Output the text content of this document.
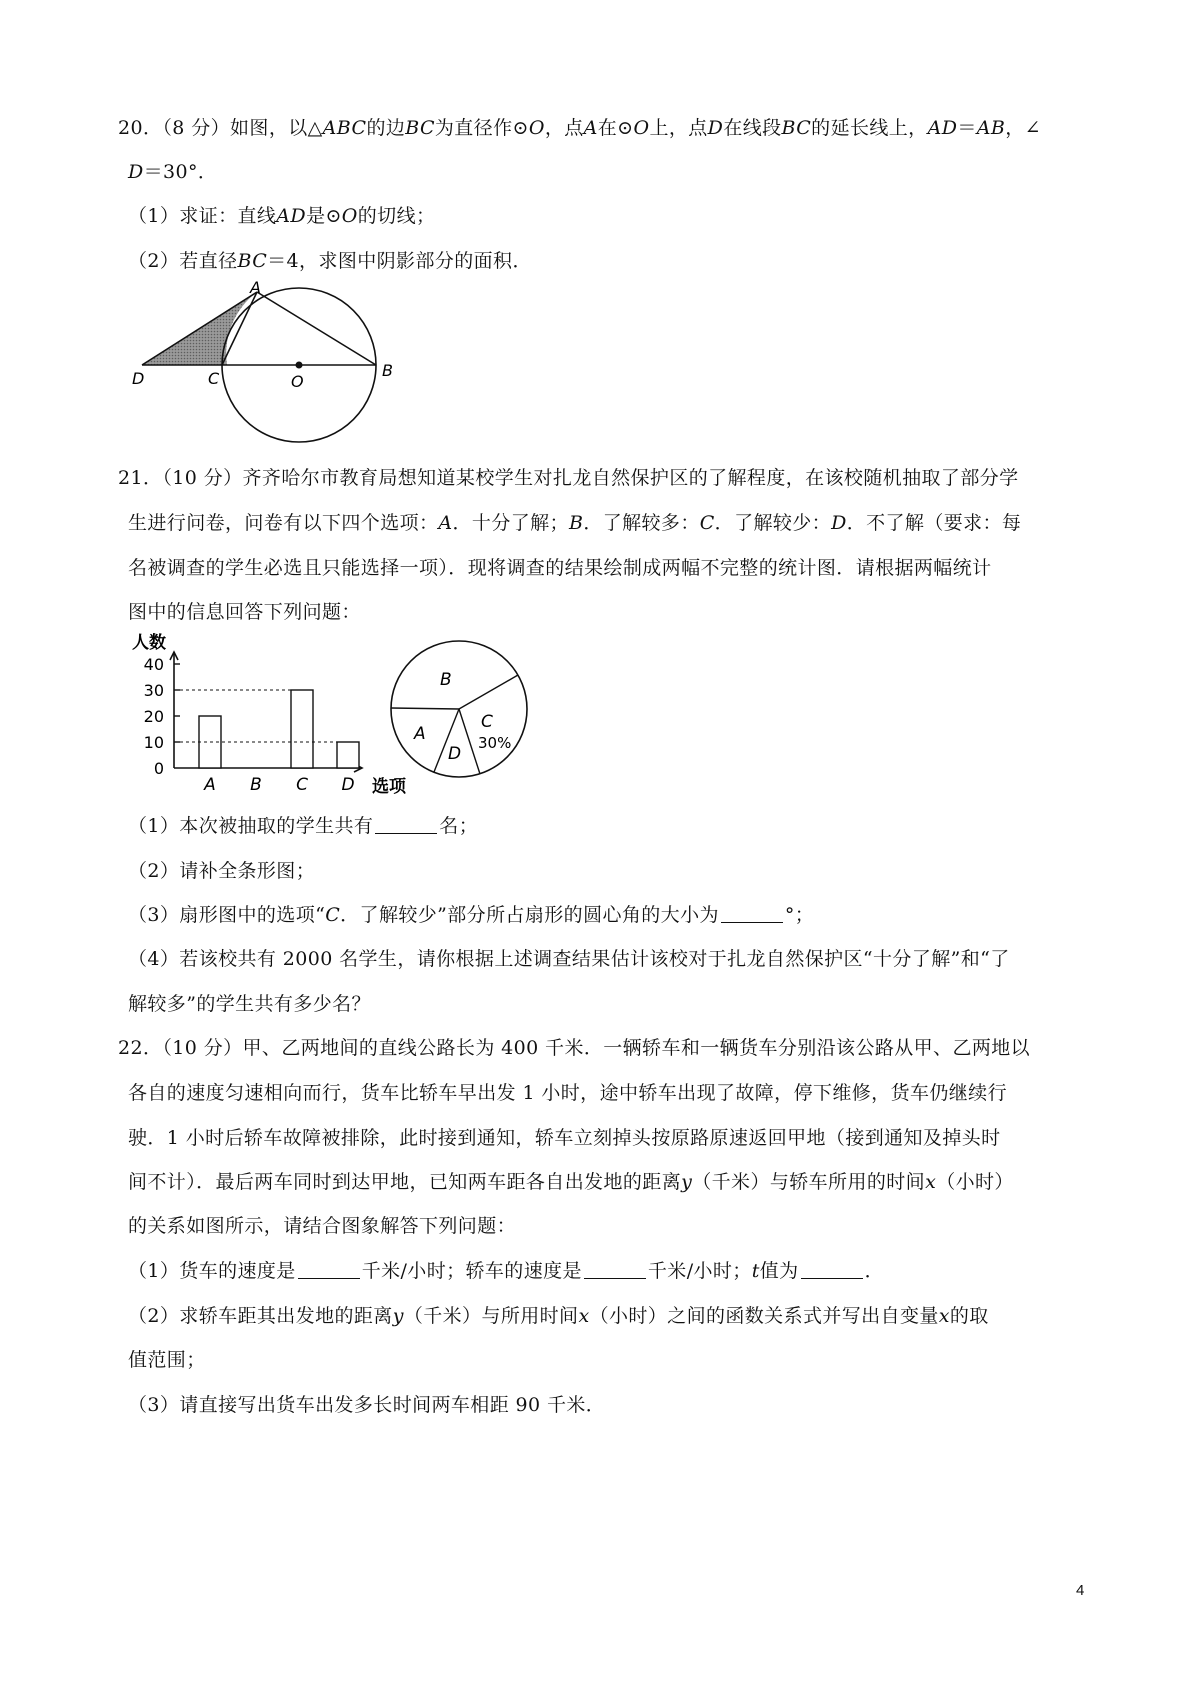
20．（8 分）如图，以△ABC的边BC为直径作⊙O，点A在⊙O上，点D在线段BC的延长线上，AD＝AB，∠
D＝30°．
（1）求证：直线AD是⊙O的切线；
（2）若直径BC＝4，求图中阴影部分的面积．
A
B
C
D	O
21．（10 分）齐齐哈尔市教育局想知道某校学生对扎龙自然保护区的了解程度，在该校随机抽取了部分学
生进行问卷，问卷有以下四个选项：A．十分了解；B．了解较多：C．了解较少：D．不了解（要求：每
名被调查的学生必选且只能选择一项）．现将调查的结果绘制成两幅不完整的统计图．请根据两幅统计
图中的信息回答下列问题：
人数
选项
0
10
20
30
40
A B C D
B
C
30%
A
D
（1）本次被抽取的学生共有	名；
（2）请补全条形图；
（3）扇形图中的选项“C．了解较少”部分所占扇形的圆心角的大小为	°；
（4）若该校共有 2000 名学生，请你根据上述调查结果估计该校对于扎龙自然保护区“十分了解”和“了
解较多”的学生共有多少名？
22．（10 分）甲、乙两地间的直线公路长为 400 千米．一辆轿车和一辆货车分别沿该公路从甲、乙两地以
各自的速度匀速相向而行，货车比轿车早出发 1 小时，途中轿车出现了故障，停下维修，货车仍继续行
驶．1 小时后轿车故障被排除，此时接到通知，轿车立刻掉头按原路原速返回甲地（接到通知及掉头时
间不计）．最后两车同时到达甲地，已知两车距各自出发地的距离y（千米）与轿车所用的时间x（小时）
的关系如图所示，请结合图象解答下列问题：
（1）货车的速度是	千米/小时；轿车的速度是	千米/小时；t值为	．
（2）求轿车距其出发地的距离y（千米）与所用时间x（小时）之间的函数关系式并写出自变量x的取
值范围；
（3）请直接写出货车出发多长时间两车相距 90 千米．
4
